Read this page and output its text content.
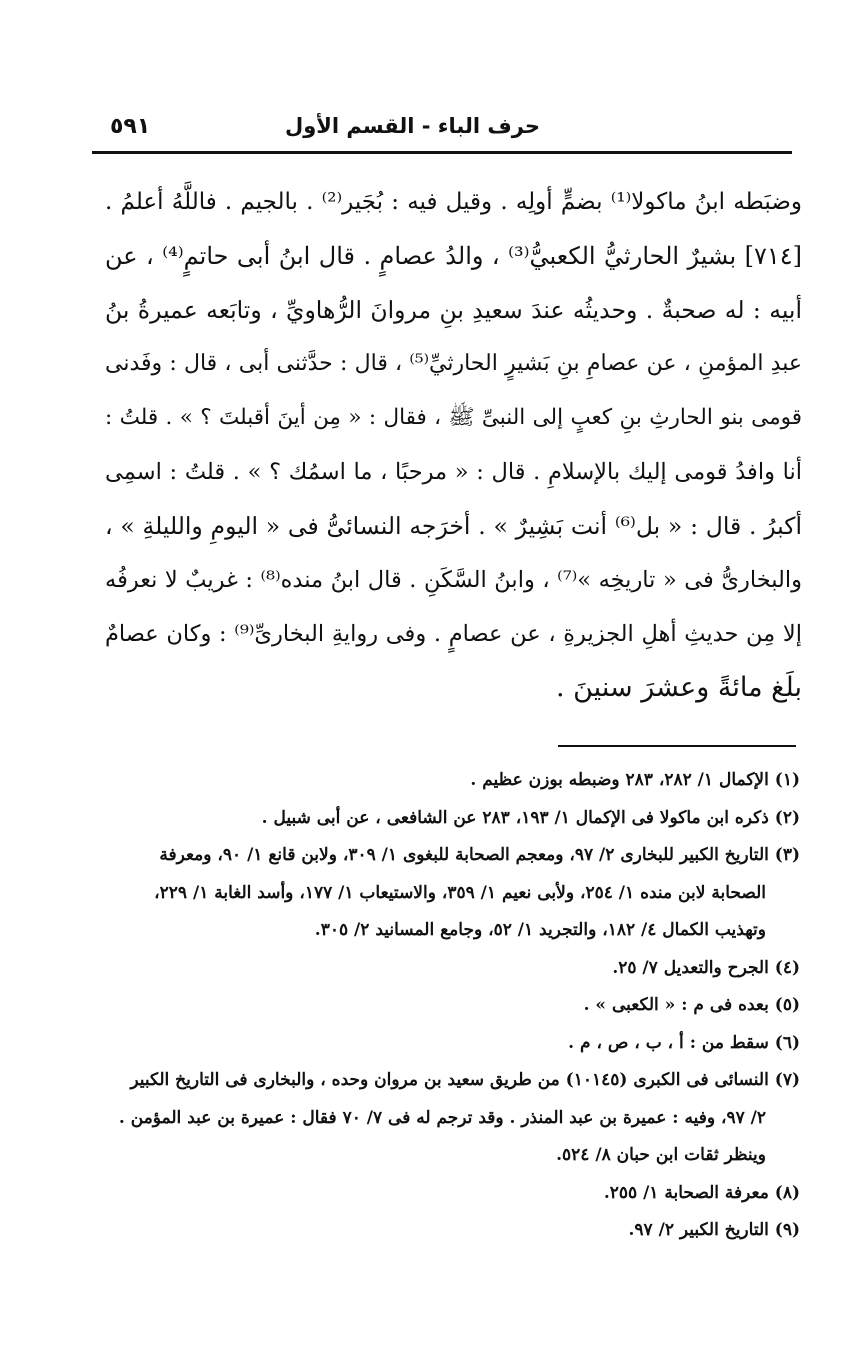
حرف الباء - القسم الأول
٥٩١
وضبَطه ابنُ ماكولا⁽¹⁾ بضمٍّ أولِه . وقيل فيه : بُجَير⁽²⁾ . بالجيم . فاللَّهُ أعلمُ .
[٧١٤] بشيرٌ الحارثيُّ الكعبيُّ⁽³⁾ ، والدُ عصامٍ . قال ابنُ أبى حاتمٍ⁽⁴⁾ ، عن
أبيه : له صحبةٌ . وحديثُه عندَ سعيدِ بنِ مروانَ الرُّهاويِّ ، وتابَعه عميرةُ بنُ
عبدِ المؤمنِ ، عن عصامِ بنِ بَشيرٍ الحارثيِّ⁽⁵⁾ ، قال : حدَّثنى أبى ، قال : وفَدنى
قومى بنو الحارثِ بنِ كعبٍ إلى النبىِّ ﷺ ، فقال : « مِن أينَ أقبلتَ ؟ » . قلتُ :
أنا وافدُ قومى إليك بالإسلامِ . قال : « مرحبًا ، ما اسمُك ؟ » . قلتُ : اسمِى
أكبرُ . قال : « بل⁽⁶⁾ أنت بَشِيرٌ » . أخرَجه النسائىُّ فى « اليومِ والليلةِ » ،
والبخارىُّ فى « تاريخِه »⁽⁷⁾ ، وابنُ السَّكَنِ . قال ابنُ منده⁽⁸⁾ : غريبٌ لا نعرفُه
إلا مِن حديثِ أهلِ الجزيرةِ ، عن عصامٍ . وفى روايةِ البخارىِّ⁽⁹⁾ : وكان عصامٌ
بلَغ مائةً وعشرَ سنينَ .
(١) الإكمال ١/ ٢٨٢، ٢٨٣ وضبطه بوزن عظيم .
(٢) ذكره ابن ماكولا فى الإكمال ١/ ١٩٣، ٢٨٣ عن الشافعى ، عن أبى شبيل .
(٣) التاريخ الكبير للبخارى ٢/ ٩٧، ومعجم الصحابة للبغوى ١/ ٣٠٩، ولابن قانع ١/ ٩٠، ومعرفة
الصحابة لابن منده ١/ ٢٥٤، ولأبى نعيم ١/ ٣٥٩، والاستيعاب ١/ ١٧٧، وأسد الغابة ١/ ٢٢٩،
وتهذيب الكمال ٤/ ١٨٢، والتجريد ١/ ٥٢، وجامع المسانيد ٢/ ٣٠٥.
(٤) الجرح والتعديل ٧/ ٢٥.
(٥) بعده فى م : « الكعبى » .
(٦) سقط من : أ ، ب ، ص ، م .
(٧) النسائى فى الكبرى (١٠١٤٥) من طريق سعيد بن مروان وحده ، والبخارى فى التاريخ الكبير
٢/ ٩٧، وفيه : عميرة بن عبد المنذر . وقد ترجم له فى ٧/ ٧٠ فقال : عميرة بن عبد المؤمن .
وينظر ثقات ابن حبان ٨/ ٥٢٤.
(٨) معرفة الصحابة ١/ ٢٥٥.
(٩) التاريخ الكبير ٢/ ٩٧.
